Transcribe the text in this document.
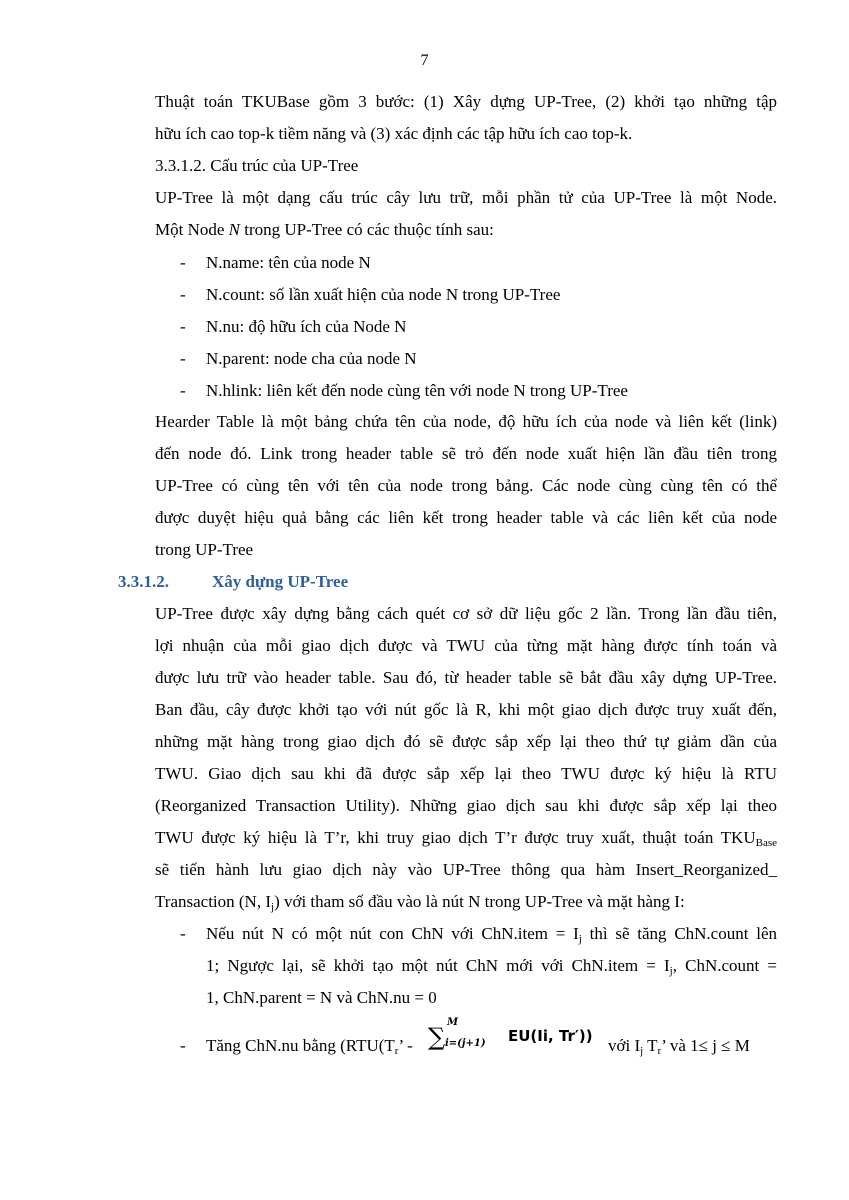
7
Thuật toán TKUBase gồm 3 bước: (1) Xây dựng UP-Tree, (2) khởi tạo những tập
hữu ích cao top-k tiềm năng và (3) xác định các tập hữu ích cao top-k.
3.3.1.2. Cấu trúc của UP-Tree
UP-Tree là một dạng cấu trúc cây lưu trữ, mỗi phần tử của UP-Tree là một Node.
Một Node N trong UP-Tree có các thuộc tính sau:
- N.name: tên của node N
- N.count: số lần xuất hiện của node N trong UP-Tree
- N.nu: độ hữu ích của Node N
- N.parent: node cha của node N
- N.hlink: liên kết đến node cùng tên với node N trong UP-Tree
Hearder Table là một bảng chứa tên của node, độ hữu ích của node và liên kết (link)
đến node đó. Link trong header table sẽ trỏ đến node xuất hiện lần đầu tiên trong
UP-Tree có cùng tên với tên của node trong bảng. Các node cùng cùng tên có thể
được duyệt hiệu quả bằng các liên kết trong header table và các liên kết của node
trong UP-Tree
3.3.1.2.	Xây dựng UP-Tree
UP-Tree được xây dựng bằng cách quét cơ sở dữ liệu gốc 2 lần. Trong lần đầu tiên,
lợi nhuận của mỗi giao dịch được và TWU của từng mặt hàng được tính toán và
được lưu trữ vào header table. Sau đó, từ header table sẽ bắt đầu xây dựng UP-Tree.
Ban đầu, cây được khởi tạo với nút gốc là R, khi một giao dịch được truy xuất đến,
những mặt hàng trong giao dịch đó sẽ được sắp xếp lại theo thứ tự giảm dần của
TWU. Giao dịch sau khi đã được sắp xếp lại theo TWU được ký hiệu là RTU
(Reorganized Transaction Utility). Những giao dịch sau khi được sắp xếp lại theo
TWU được ký hiệu là T’r, khi truy giao dịch T’r được truy xuất, thuật toán $TKU_{Base}$
sẽ tiến hành lưu giao dịch này vào UP-Tree thông qua hàm Insert_Reorganized_
Transaction (N, $I_j$) với tham số đầu vào là nút N trong UP-Tree và mặt hàng I:
- Nếu nút N có một nút con ChN với ChN.item = $I_j$ thì sẽ tăng ChN.count lên
1; Ngược lại, sẽ khởi tạo một nút ChN mới với ChN.item = $I_j$, ChN.count =
1, ChN.parent = N và ChN.nu = 0
- Tăng ChN.nu bằng ($RTU(T_r$’ - ∑
M
i=(j+1) EU(Ii, Tr′)) với $I_j$ $T_r$’ và 1≤ j ≤ M
